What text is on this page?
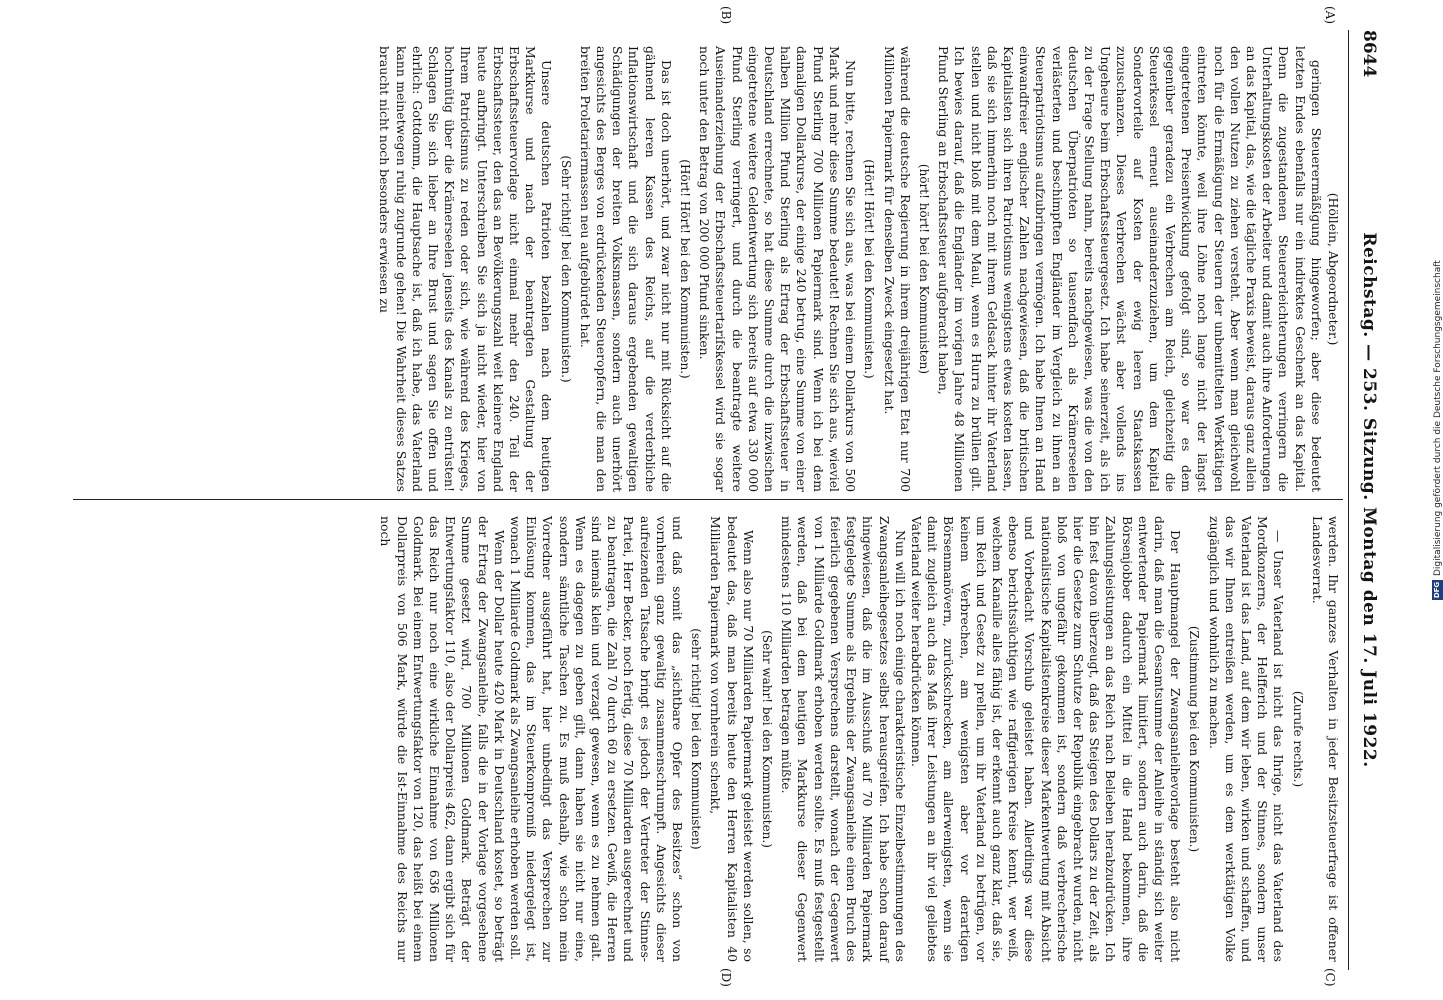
8644
Reichstag. — 253. Sitzung. Montag den 17. Juli 1922.
(A)
(B)
(C)
(D)

(Höllein, Abgeordneter.)

geringen Steuerermäßigung hingeworfen; aber diese bedeutet letzten Endes ebenfalls nur ein indirektes Geschenk an das Kapital. Denn die zugestandenen Steuererleichterungen verringern die Unterhaltungskosten der Arbeiter und damit auch ihre Anforderungen an das Kapital, das, wie die tägliche Praxis beweist, daraus ganz allein den vollen Nutzen zu ziehen versteht. Aber wenn man gleichwohl noch für die Ermäßigung der Steuern der unbemittelten Werktätigen eintreten könnte, weil ihre Löhne noch lange nicht der längst eingetretenen Preisentwicklung gefolgt sind, so war es dem gegenüber geradezu ein Verbrechen am Reich, gleichzeitig die Steuerkessel erneut auseinanderzuziehen, um dem Kapital Sondervorteile auf Kosten der ewig leeren Staatskassen zuzuschanzen. Dieses Verbrechen wächst aber vollends ins Ungeheure beim Erbschaftssteuergesetz. Ich habe seinerzeit, als ich zu der Frage Stellung nahm, bereits nachgewiesen, was die von den deutschen Überpatrioten so tausendfach als Krämerseelen verlästerten und beschimpften Engländer im Vergleich zu ihnen an Steuerpatriotismus aufzubringen vermögen. Ich habe Ihnen an Hand einwandfreier englischer Zahlen nachgewiesen, daß die britischen Kapitalisten sich ihren Patriotismus wenigstens etwas kosten lassen, daß sie sich immerhin noch mit ihrem Geldsack hinter ihr Vaterland stellen und nicht bloß mit dem Maul, wenn es Hurra zu brüllen gilt. Ich bewies darauf, daß die Engländer im vorigen Jahre 48 Millionen Pfund Sterling an Erbschaftssteuer aufgebracht haben,

(hört! hört! bei den Kommunisten)

während die deutsche Regierung in ihrem dreijährigen Etat nur 700 Millionen Papiermark für denselben Zweck eingesetzt hat.

(Hört! Hört! bei den Kommunisten.)

Nun bitte, rechnen Sie sich aus, was bei einem Dollarkurs von 500 Mark und mehr diese Summe bedeutet! Rechnen Sie sich aus, wieviel Pfund Sterling 700 Millionen Papiermark sind. Wenn ich bei dem damaligen Dollarkurse, der einige 240 betrug, eine Summe von einer halben Million Pfund Sterling als Ertrag der Erbschaftssteuer in Deutschland errechnete, so hat diese Summe durch die inzwischen eingetretene weitere Geldentwertung sich bereits auf etwa 330 000 Pfund Sterling verringert, und durch die beantragte weitere Auseinanderziehung der Erbschaftssteuertarifskessel wird sie sogar noch unter den Betrag von 200 000 Pfund sinken.

(Hört! Hört! bei den Kommunisten.)

Das ist doch unerhört, und zwar nicht nur mit Rücksicht auf die gähnend leeren Kassen des Reichs, auf die verderbliche Inflationswirtschaft und die sich daraus ergebenden gewaltigen Schädigungen der breiten Volksmassen, sondern auch unerhört angesichts des Berges von erdrückenden Steueropfern, die man den breiten Proletariermassen neu aufgebürdet hat.

(Sehr richtig! bei den Kommunisten.)

Unsere deutschen Patrioten bezahlen nach dem heutigen Markkurse und nach der beantragten Gestaltung der Erbschaftssteuervorlage nicht einmal mehr den 240. Teil der Erbschaftssteuer, den das an Bevölkerungszahl weit kleinere England heute aufbringt. Unterschreiben Sie sich ja nicht wieder, hier von Ihrem Patriotismus zu reden oder sich, wie während des Krieges, hochmütig über die Krämerseelen jenseits des Kanals zu entrüsten! Schlagen Sie sich lieber an Ihre Brust und sagen Sie offen und ehrlich: Gottdomm, die Hauptsache ist, daß ich habe, das Vaterland kann meinetwegen ruhig zugrunde gehen! Die Wahrheit dieses Satzes braucht nicht noch besonders erwiesen zu

werden. Ihr ganzes Verhalten in jeder Besitzsteuerfrage ist offener Landesverrat.

(Zurufe rechts.)

— Unser Vaterland ist nicht das Ihrige, nicht das Vaterland des Mordkonzerns, der Helfferich und der Stinnes, sondern unser Vaterland ist das Land, auf dem wir leben, wirken und schaffen, und das wir Ihnen entreißen werden, um es dem werktätigen Volke zugänglich und wohnlich zu machen.

(Zustimmung bei den Kommunisten.)

Der Hauptmangel der Zwangsanleihevorlage besteht also nicht darin, daß man die Gesamtsumme der Anleihe in ständig sich weiter entwertender Papiermark limitiert, sondern auch darin, daß die Börsenjobber dadurch ein Mittel in die Hand bekommen, ihre Zahlungsleistungen an das Reich nach Belieben herabzudrücken. Ich bin fest davon überzeugt, daß das Steigen des Dollars zu der Zeit, als hier die Gesetze zum Schutze der Republik eingebracht wurden, nicht bloß von ungefähr gekommen ist, sondern daß verbrecherische nationalistische Kapitalistenkreise dieser Markentwertung mit Absicht und Vorbedacht Vorschub geleistet haben. Allerdings war diese ebenso berichtssüchtigen wie raffgierigen Kreise kennt, wer weiß, welchem Kanaille alles fähig ist, der erkennt auch ganz klar, daß sie, um Reich und Gesetz zu prellen, um ihr Vaterland zu betrügen, vor keinem Verbrechen, am wenigsten aber vor derartigen Börsenmanövern, zurückschrecken, am allerwenigsten, wenn sie damit zugleich auch das Maß ihrer Leistungen an ihr viel geliebtes Vaterland weiter herabdrücken können.

Nun will ich noch einige charakteristische Einzelbestimmungen des Zwangsanleihegesetzes selbst herausgreifen. Ich habe schon darauf hingewiesen, daß die im Ausschuß auf 70 Milliarden Papiermark festgelegte Summe als Ergebnis der Zwangsanleihe einen Bruch des feierlich gegebenen Versprechens darstellt, wonach der Gegenwert von 1 Milliarde Goldmark erhoben werden sollte. Es muß festgestellt werden, daß bei dem heutigen Markkurse dieser Gegenwert mindestens 110 Milliarden betragen müßte.

(Sehr wahr! bei den Kommunisten.)

Wenn also nur 70 Milliarden Papiermark geleistet werden sollen, so bedeutet das, daß man bereits heute den Herren Kapitalisten 40 Milliarden Papiermark von vornherein schenkt,

(sehr richtig! bei den Kommunisten)

und daß somit das „sichtbare Opfer des Besitzes“ schon von vornherein ganz gewaltig zusammenschrumpft. Angesichts dieser aufreizenden Tatsache bringt es jedoch der Vertreter der Stinnes-Partei, Herr Becker, noch fertig, diese 70 Milliarden ausgerechnet und zu beantragen, die Zahl 70 durch 60 zu ersetzen. Gewiß, die Herren sind niemals klein und verzagt gewesen, wenn es zu nehmen galt. Wenn es dagegen zu geben gilt, dann haben sie nicht nur eine, sondern sämtliche Taschen zu. Es muß deshalb, wie schon mein Vorredner ausgeführt hat, hier unbedingt das Versprechen zur Einlösung kommen, das im Steuerkompromiß niedergelegt ist, wonach 1 Milliarde Goldmark als Zwangsanleihe erhoben werden soll.

Wenn der Dollar heute 420 Mark in Deutschland kostet, so beträgt der Ertrag der Zwangsanleihe, falls die in der Vorlage vorgesehene Summe gesetzt wird, 700 Millionen Goldmark. Beträgt der Entwertungsfaktor 110, also der Dollarpreis 462, dann ergibt sich für das Reich nur noch eine wirkliche Einnahme von 636 Millionen Goldmark. Bei einem Entwertungsfaktor von 120, das heißt bei einem Dollarpreis von 506 Mark, würde die Ist-Einnahme des Reichs nur noch

DFG
Digitalisierung gefördert durch die Deutsche Forschungsgemeinschaft
